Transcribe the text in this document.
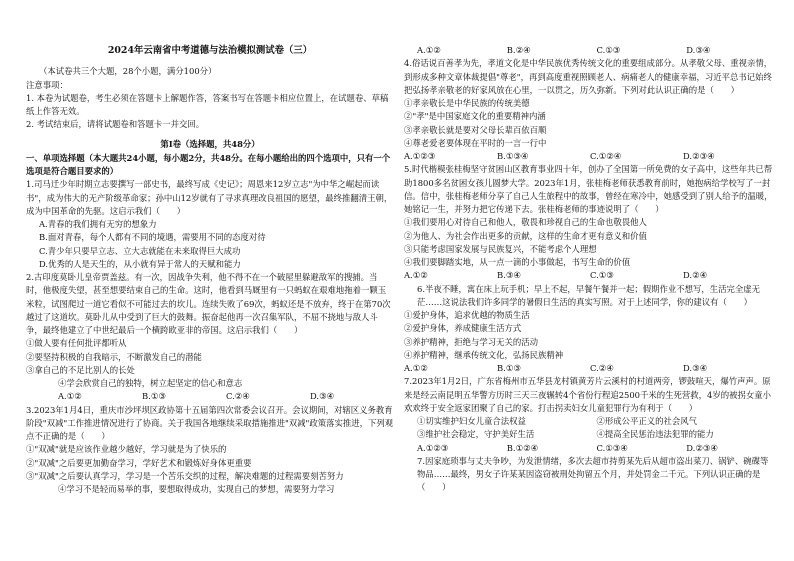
2024年云南省中考道德与法治模拟测试卷（三）

（本试卷共三个大题，28个小题，满分100分）

注意事项：

1. 本卷为试题卷，考生必须在答题卡上解题作答，答案书写在答题卡相应位置上，在试题卷、草稿纸上作答无效。

2. 考试结束后，请将试题卷和答题卡一并交回。

第Ⅰ卷（选择题，共48分）

一、单项选择题（本大题共24小题，每小题2分，共48分。在每小题给出的四个选项中，只有一个选项是符合题目要求的）

1.司马迁少年时期立志要撰写一部史书，最终写成《史记》；周恩来12岁立志"为中华之崛起而读书"，成为伟大的无产阶级革命家；孙中山12岁就有了寻求真理改良祖国的愿望，最终推翻清王朝，成为中国革命的先驱。这启示我们（　　）

A.青春的我们拥有无穷的想象力

B.面对青春，每个人都有不同的境遇，需要用不同的态度对待

C.青少年只要早立志、立大志就能在未来取得巨大成功

D.优秀的人是天生的，从小就有异于常人的天赋和能力

2.古印度莫卧儿皇帝贾盖兹。有一次，因战争失利，他不得不在一个破屋里躲避敌军的搜捕。当时，他极度失望，甚至想要结束自己的生命。这时，他看到马厩里有一只蚂蚁在艰难地拖着一颗玉米粒，试图爬过一道它看似不可能过去的坎儿。连续失败了69次，蚂蚁还是不放弃，终于在第70次越过了这道坎。莫卧儿从中受到了巨大的鼓舞。振奋起他再一次召集军队，不屈不挠地与敌人斗争，最终他建立了中世纪最后一个横跨欧亚非的帝国。这启示我们（　　）

①做人要有任何批评都听从

②要坚持积极的自我暗示，不断激发自己的潜能

③拿自己的不足比别人的长处

④学会欣赏自己的独特，树立起坚定的信心和意志

A.①②	B.①③	C.②④	D.③④

3.2023年1月4日，重庆市沙坪坝区政协第十五届第四次常委会议召开。会议期间，对辖区义务教育阶段"双减"工作推进情况进行了协商。关于我国各地继续采取措施推进"双减"政策落实推进，下列观点不正确的是（　　）

①"双减"就是应该作业越少越好，学习就是为了快乐的

②"双减"之后要更加勤奋学习，学好艺术和锻炼好身体更重要

③"双减"之后要认真学习，学习是一个苦乐交织的过程，解决难题的过程需要刻苦努力

④学习不是轻而易举的事，要想取得成功，实现自己的梦想，需要努力学习

A.①②	B.②④	C.①③	D.③④

4.俗话说百善孝为先，孝道文化是中华民族优秀传统文化的重要组成部分。从孝敬父母、重视亲情，到形成多种文章体裁提倡"尊老"，再到高度重视照顾老人、病痛老人的健康幸福，习近平总书记始终把弘扬孝亲敬老的好家风放在心里，一以贯之，历久弥新。下列对此认识正确的是（　　）

①孝亲敬长是中华民族的传统美德

②"孝"是中国家庭文化的重要精神内涵

③孝亲敬长就是要对父母长辈百依百顺

④尊老爱老要体现在平时的一言一行中

A.①②③	B.①③④	C.①②④	D.②③④

5.时代楷模张桂梅坚守贫困山区教育事业四十年，创办了全国第一所免费的女子高中，这些年共已帮助1800多名贫困女孩儿圆梦大学。2023年1月，张桂梅老师获悉教育前时，她抱病给学校写了一封信。信中，张桂梅老师分享了自己人生旅程中的故事，曾经在寒冷中，她感受到了别人给予的温暖，她铭记一生，并努力把它传递下去。张桂梅老师的事迹说明了（　　）

①我们要用心对待自己和他人，敬畏和珍视自己的生命也敬畏他人

②为他人、为社会作出更多的贡献，这样的生命才更有意义和价值

③只能考虑国家发展与民族复兴，不能考虑个人理想

④我们要脚踏实地，从一点一滴的小事做起，书写生命的价值

A.①②	B.③④	C.①③	D.②④

6.半夜不睡，寓在床上玩手机；早上不起，早餐午餐并一起；假期作业不想写，生活完全虚无茫……这说法我们许多同学的暑假日生活的真实写照。对于上述同学，你的建议有（　　）

①爱护身体，追求优越的物质生活

②爱护身体，养成健康生活方式

③养护精神，拒绝与学习无关的活动

④养护精神，继承传统文化，弘扬民族精神

A.①②	B.①③	C.②④	D.③④

7.2023年1月2日，广东省梅州市五华县龙村镇黄芳片云溪村的村道两旁，锣鼓喧天，爆竹声声。原来是经云南昆明五华警方历时三天三夜辗转4个省份行程追2500千米的生死营救，4岁的被拐女童小欢欢终于安全返家团聚了自己的家。打击拐卖妇女儿童犯罪行为有利于（　　）

①切实维护妇女儿童合法权益	②形成公平正义的社会风气
③维护社会稳定，守护美好生活	④提高全民惩治违法犯罪的能力
A.①②③	B.①②④	C.①③④	D.②③④

7.因家庭琐事与丈夫争吵，为发泄情绪，多次去超市持剪某先后从超市盗出菜刀、锅铲、碗碟等物品……最终，男女子许某某因盗窃被刑处拘留五个月，并处罚金二千元。下列认识正确的是（　　）
